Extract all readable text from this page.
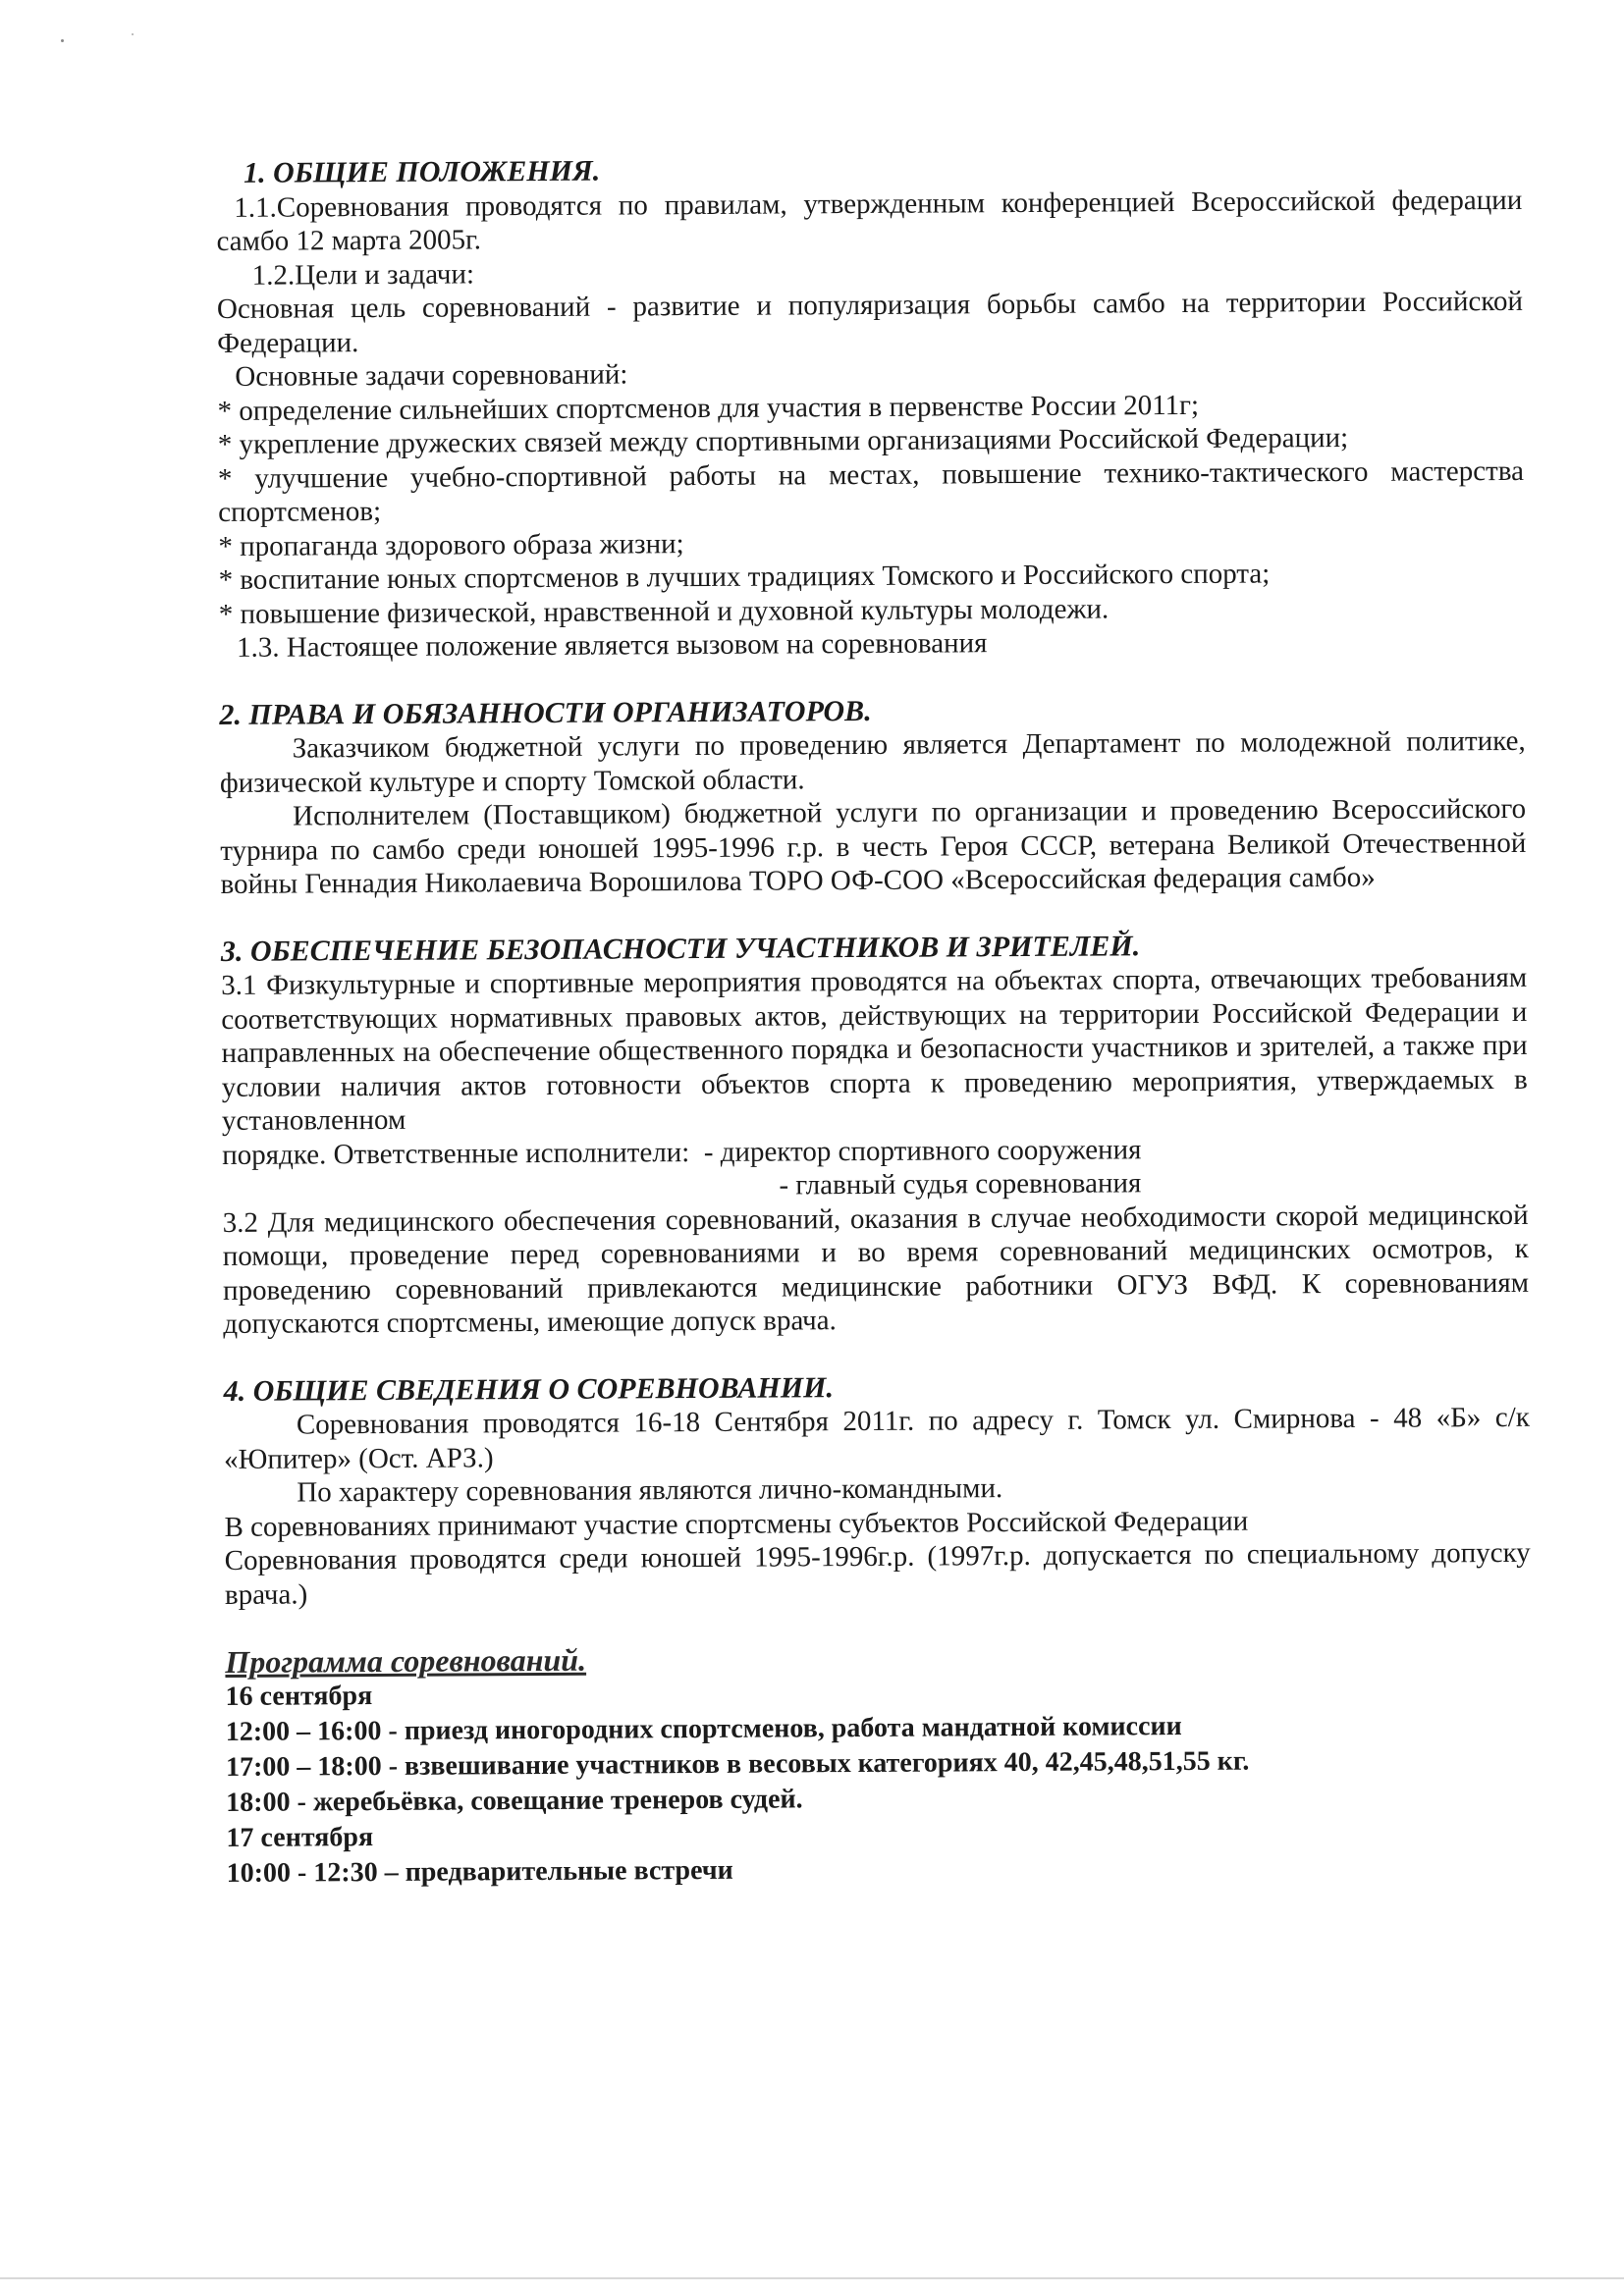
1. ОБЩИЕ ПОЛОЖЕНИЯ.

1.1.Соревнования проводятся по правилам, утвержденным конференцией Всероссийской федерации самбо 12 марта 2005г.

1.2.Цели и задачи:

Основная цель соревнований - развитие и популяризация борьбы самбо на территории Российской Федерации.

Основные задачи соревнований:

* определение сильнейших спортсменов для участия в первенстве России 2011г;

* укрепление дружеских связей между спортивными организациями Российской Федерации;

* улучшение учебно-спортивной работы на местах, повышение технико-тактического мастерства спортсменов;

* пропаганда здорового образа жизни;

* воспитание юных спортсменов в лучших традициях Томского и Российского спорта;

* повышение физической, нравственной и духовной культуры молодежи.

1.3. Настоящее положение является вызовом на соревнования

2. ПРАВА И ОБЯЗАННОСТИ ОРГАНИЗАТОРОВ.

Заказчиком бюджетной услуги по проведению является Департамент по молодежной политике, физической культуре и спорту Томской области.

Исполнителем (Поставщиком) бюджетной услуги по организации и проведению Всероссийского турнира по самбо среди юношей 1995-1996 г.р. в честь Героя СССР, ветерана Великой Отечественной войны Геннадия Николаевича Ворошилова ТОРО ОФ-СОО «Всероссийская федерация самбо»

3. ОБЕСПЕЧЕНИЕ БЕЗОПАСНОСТИ УЧАСТНИКОВ И ЗРИТЕЛЕЙ.

3.1 Физкультурные и спортивные мероприятия проводятся на объектах спорта, отвечающих требованиям соответствующих нормативных правовых актов, действующих на территории Российской Федерации и направленных на обеспечение общественного порядка и безопасности участников и зрителей, а также при условии наличия актов готовности объектов спорта к проведению мероприятия, утверждаемых в установленном

порядке. Ответственные исполнители:  - директор спортивного сооружения

- главный судья соревнования

3.2 Для медицинского обеспечения соревнований, оказания в случае необходимости скорой медицинской помощи, проведение перед соревнованиями и во время соревнований медицинских осмотров, к проведению соревнований привлекаются медицинские работники ОГУЗ ВФД. К соревнованиям допускаются спортсмены, имеющие допуск врача.

4. ОБЩИЕ СВЕДЕНИЯ О СОРЕВНОВАНИИ.

Соревнования проводятся 16-18 Сентября 2011г. по адресу г. Томск ул. Смирнова - 48 «Б» с/к «Юпитер» (Ост. АРЗ.)

По характеру соревнования являются лично-командными.

В соревнованиях принимают участие спортсмены субъектов Российской Федерации

Соревнования проводятся среди юношей 1995-1996г.р. (1997г.р. допускается по специальному допуску врача.)

Программа соревнований.

16 сентября

12:00 – 16:00 - приезд иногородних спортсменов, работа мандатной комиссии

17:00 – 18:00 - взвешивание участников в весовых категориях 40, 42,45,48,51,55 кг.

18:00 - жеребьёвка, совещание тренеров судей.

17 сентября

10:00 - 12:30 – предварительные встречи
